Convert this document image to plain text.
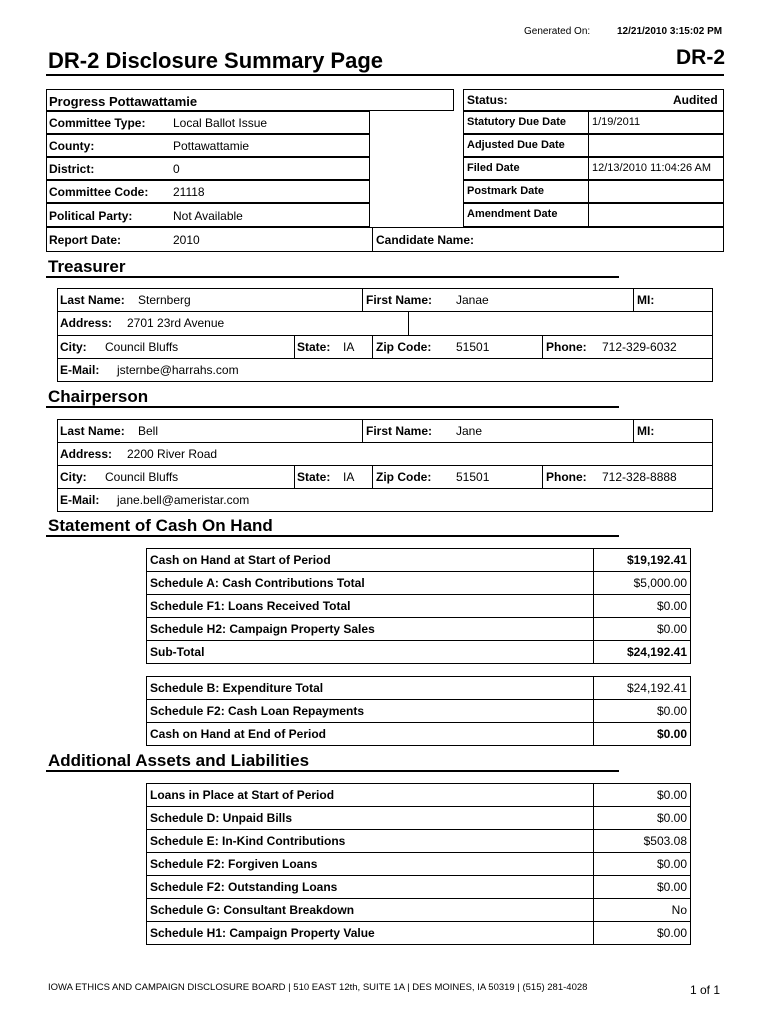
Generated On:	12/21/2010 3:15:02 PM
DR-2 Disclosure Summary Page	DR-2
Progress Pottawattamie
Committee Type: Local Ballot Issue
County:	Pottawattamie
District:	0
Committee Code: 21118
Political Party:	Not Available
Report Date:	2010	Candidate Name:
Status:	Audited
Statutory Due Date 1/19/2011
Adjusted Due Date
Filed Date	12/13/2010 11:04:26 AM
Postmark Date
Amendment Date
Treasurer
Last Name: Sternberg	First Name: Janae	MI:
Address: 2701 23rd Avenue
City: Council Bluffs	State: IA Zip Code: 51501	Phone: 712-329-6032
E-Mail: jsternbe@harrahs.com
Chairperson
Last Name: Bell	First Name: Jane	MI:
Address: 2200 River Road
City: Council Bluffs	State: IA Zip Code: 51501	Phone: 712-328-8888
E-Mail: jane.bell@ameristar.com
Statement of Cash On Hand
Cash on Hand at Start of Period	$19,192.41
Schedule A: Cash Contributions Total	$5,000.00
Schedule F1: Loans Received Total	$0.00
Schedule H2: Campaign Property Sales	$0.00
Sub-Total	$24,192.41
Schedule B: Expenditure Total	$24,192.41
Schedule F2: Cash Loan Repayments	$0.00
Cash on Hand at End of Period	$0.00
Additional Assets and Liabilities
Loans in Place at Start of Period	$0.00
Schedule D: Unpaid Bills	$0.00
Schedule E: In-Kind Contributions	$503.08
Schedule F2: Forgiven Loans	$0.00
Schedule F2: Outstanding Loans	$0.00
Schedule G: Consultant Breakdown	No
Schedule H1: Campaign Property Value	$0.00
IOWA ETHICS AND CAMPAIGN DISCLOSURE BOARD | 510 EAST 12th, SUITE 1A | DES MOINES, IA 50319 | (515) 281-4028	1 of 1
